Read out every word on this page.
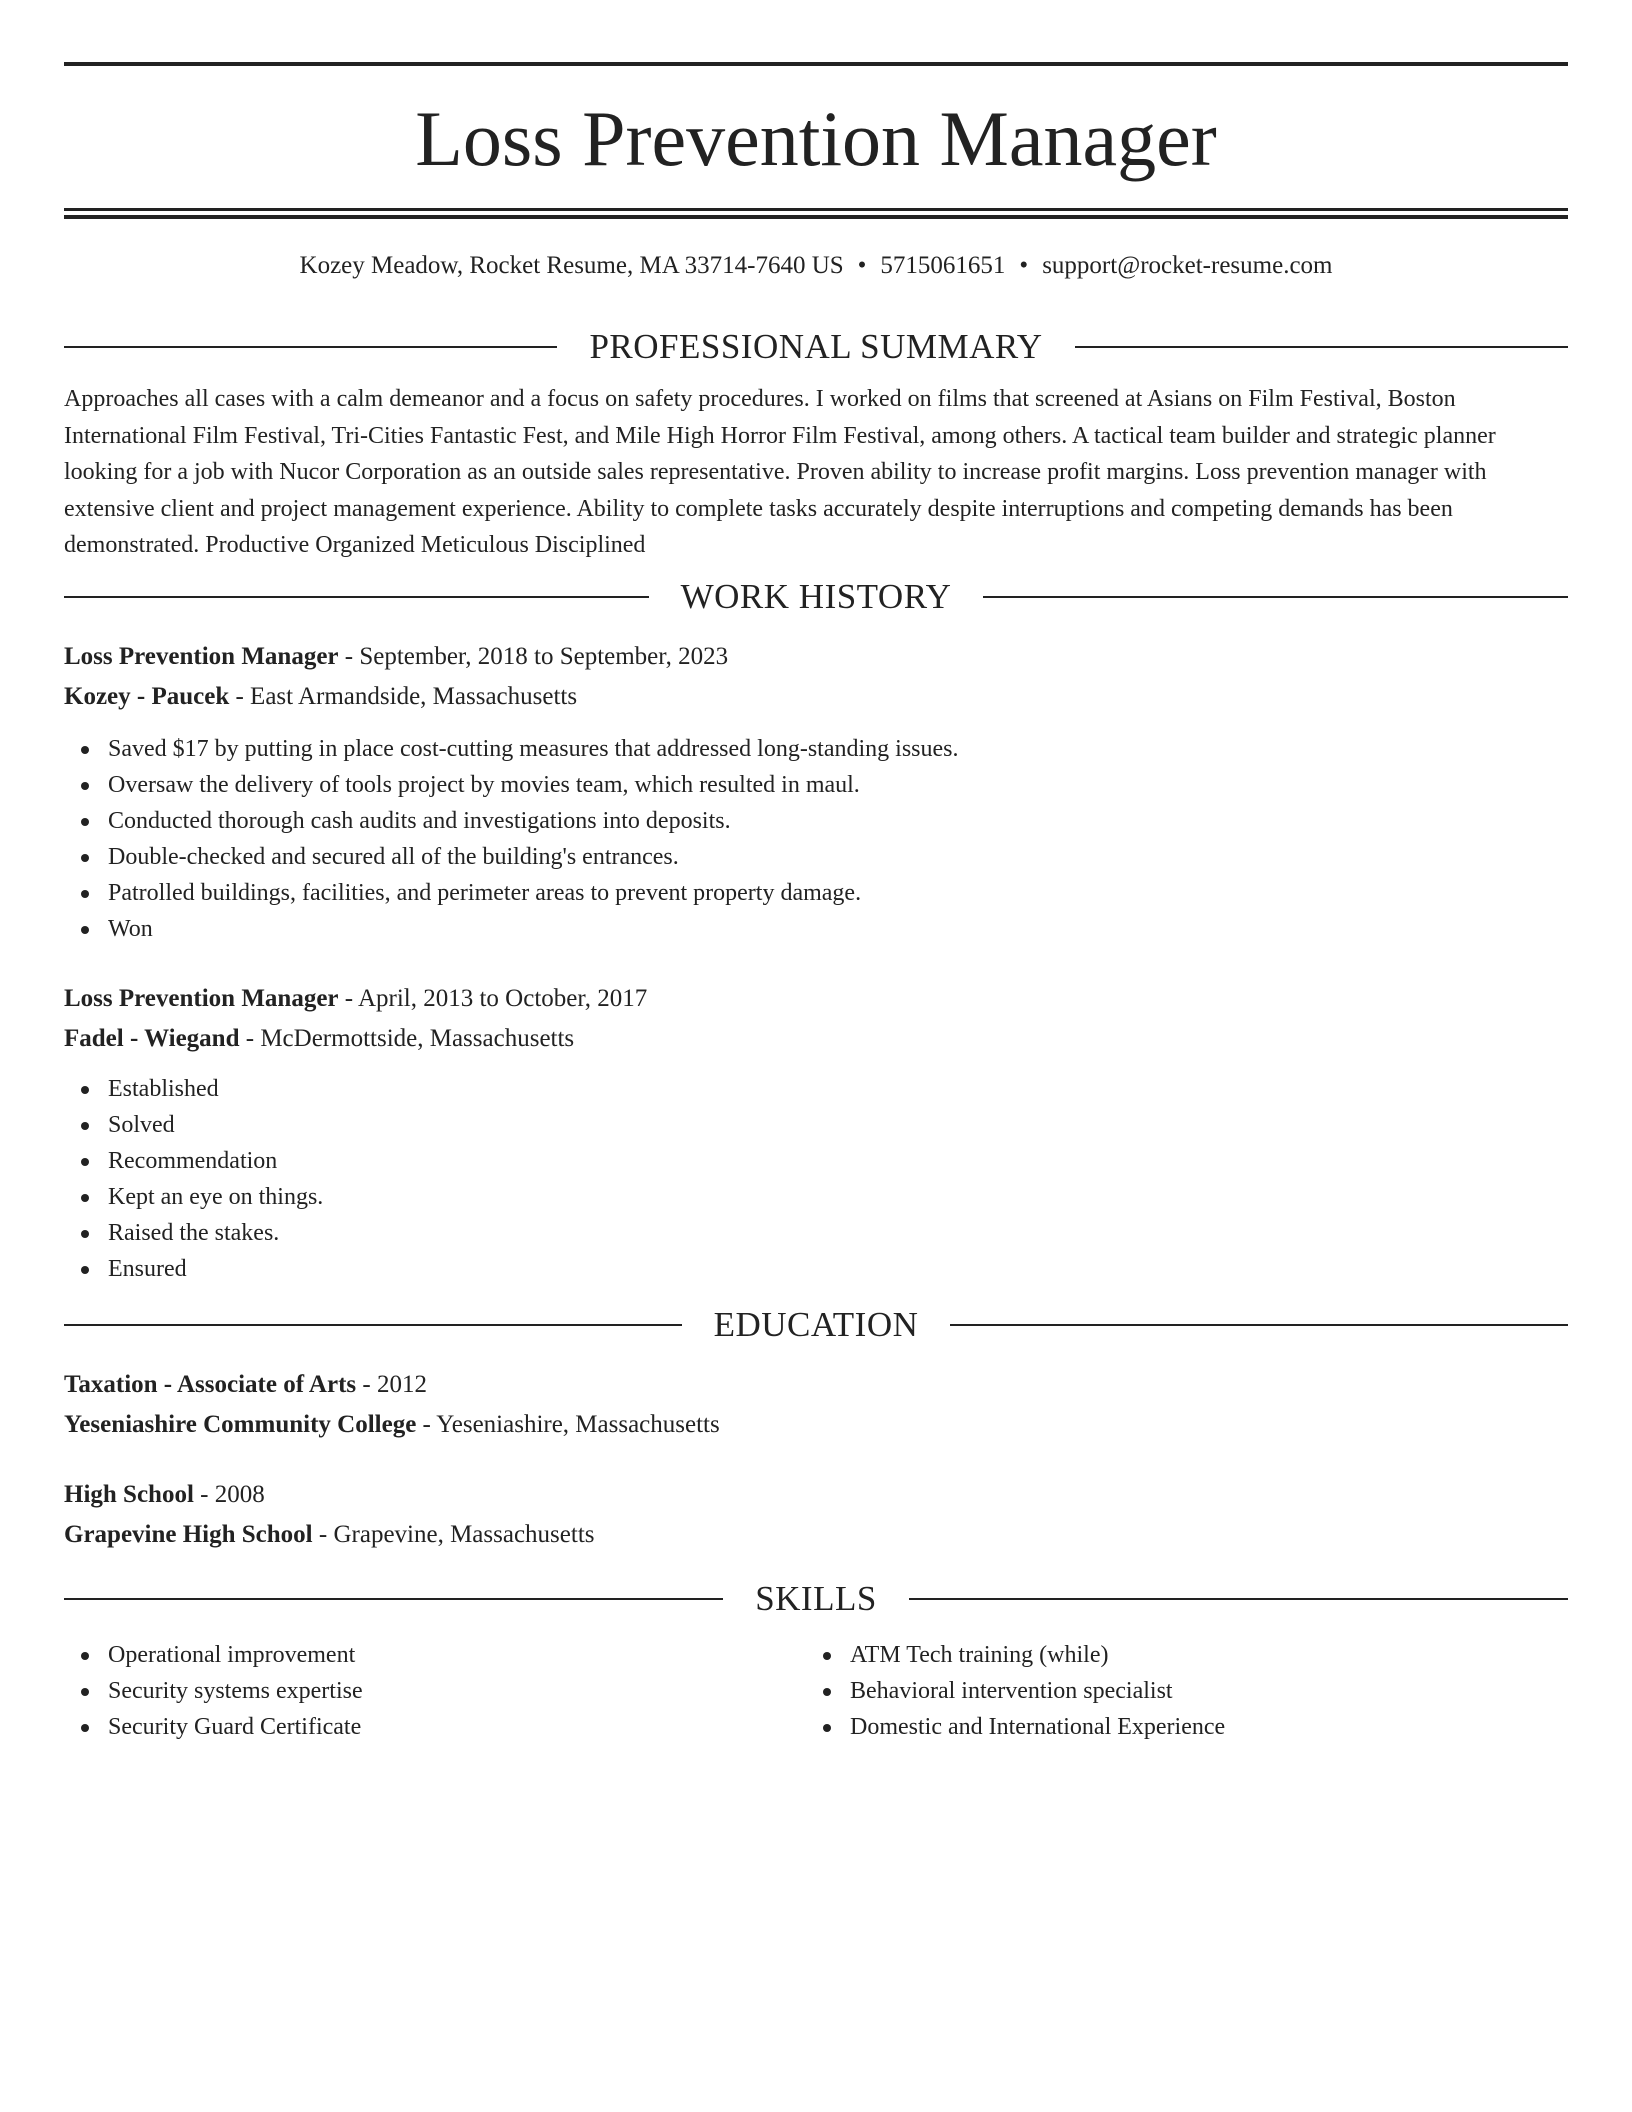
Loss Prevention Manager
Kozey Meadow, Rocket Resume, MA 33714-7640 US • 5715061651 • support@rocket-resume.com
PROFESSIONAL SUMMARY
Approaches all cases with a calm demeanor and a focus on safety procedures. I worked on films that screened at Asians on Film Festival, Boston International Film Festival, Tri-Cities Fantastic Fest, and Mile High Horror Film Festival, among others. A tactical team builder and strategic planner looking for a job with Nucor Corporation as an outside sales representative. Proven ability to increase profit margins. Loss prevention manager with extensive client and project management experience. Ability to complete tasks accurately despite interruptions and competing demands has been demonstrated. Productive Organized Meticulous Disciplined
WORK HISTORY
Loss Prevention Manager - September, 2018 to September, 2023
Kozey - Paucek - East Armandside, Massachusetts
Saved $17 by putting in place cost-cutting measures that addressed long-standing issues.
Oversaw the delivery of tools project by movies team, which resulted in maul.
Conducted thorough cash audits and investigations into deposits.
Double-checked and secured all of the building's entrances.
Patrolled buildings, facilities, and perimeter areas to prevent property damage.
Won
Loss Prevention Manager - April, 2013 to October, 2017
Fadel - Wiegand - McDermottside, Massachusetts
Established
Solved
Recommendation
Kept an eye on things.
Raised the stakes.
Ensured
EDUCATION
Taxation - Associate of Arts - 2012
Yeseniashire Community College - Yeseniashire, Massachusetts
High School - 2008
Grapevine High School - Grapevine, Massachusetts
SKILLS
Operational improvement
Security systems expertise
Security Guard Certificate
ATM Tech training (while)
Behavioral intervention specialist
Domestic and International Experience
